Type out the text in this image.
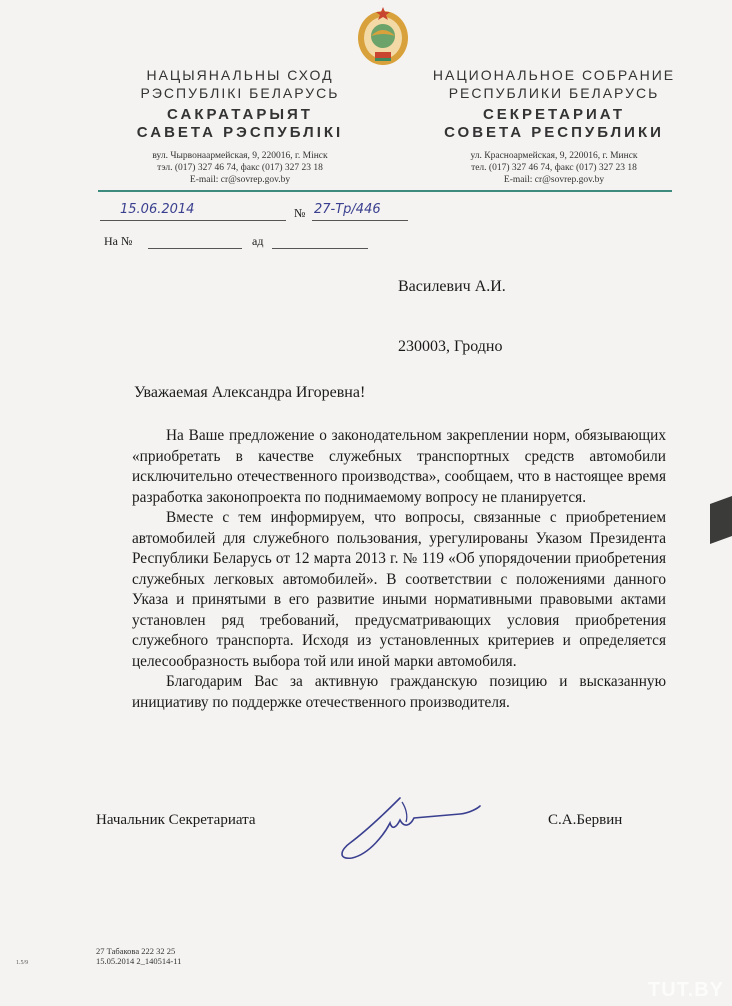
НАЦЫЯНАЛЬНЫ СХОД
РЭСПУБЛІКІ БЕЛАРУСЬ
САКРАТАРЫЯТ
САВЕТА РЭСПУБЛІКІ
вул. Чырвонаармейская, 9, 220016, г. Мінск
тэл. (017) 327 46 74, факс (017) 327 23 18
E-mail: cr@sovrep.gov.by
НАЦИОНАЛЬНОЕ СОБРАНИЕ
РЕСПУБЛИКИ БЕЛАРУСЬ
СЕКРЕТАРИАТ
СОВЕТА РЕСПУБЛИКИ
ул. Красноармейская, 9, 220016, г. Минск
тел. (017) 327 46 74, факс (017) 327 23 18
E-mail: cr@sovrep.gov.by
15.06.2014	№ 27-Тр/446
На №	ад
Василевич А.И.
230003, Гродно
Уважаемая Александра Игоревна!

На Ваше предложение о законодательном закреплении норм, обязывающих «приобретать в качестве служебных транспортных средств автомобили исключительно отечественного производства», сообщаем, что в настоящее время разработка законопроекта по поднимаемому вопросу не планируется.

Вместе с тем информируем, что вопросы, связанные с приобретением автомобилей для служебного пользования, урегулированы Указом Президента Республики Беларусь от 12 марта 2013 г. № 119 «Об упорядочении приобретения служебных легковых автомобилей». В соответствии с положениями данного Указа и принятыми в его развитие иными нормативными правовыми актами установлен ряд требований, предусматривающих условия приобретения служебного транспорта. Исходя из установленных критериев и определяется целесообразность выбора той или иной марки автомобиля.

Благодарим Вас за активную гражданскую позицию и высказанную инициативу по поддержке отечественного производителя.

Начальник Секретариата	С.А.Бервин
27 Табакова 222 32 25
15.05.2014 2_140514-11
1.5/9
TUT.BY
